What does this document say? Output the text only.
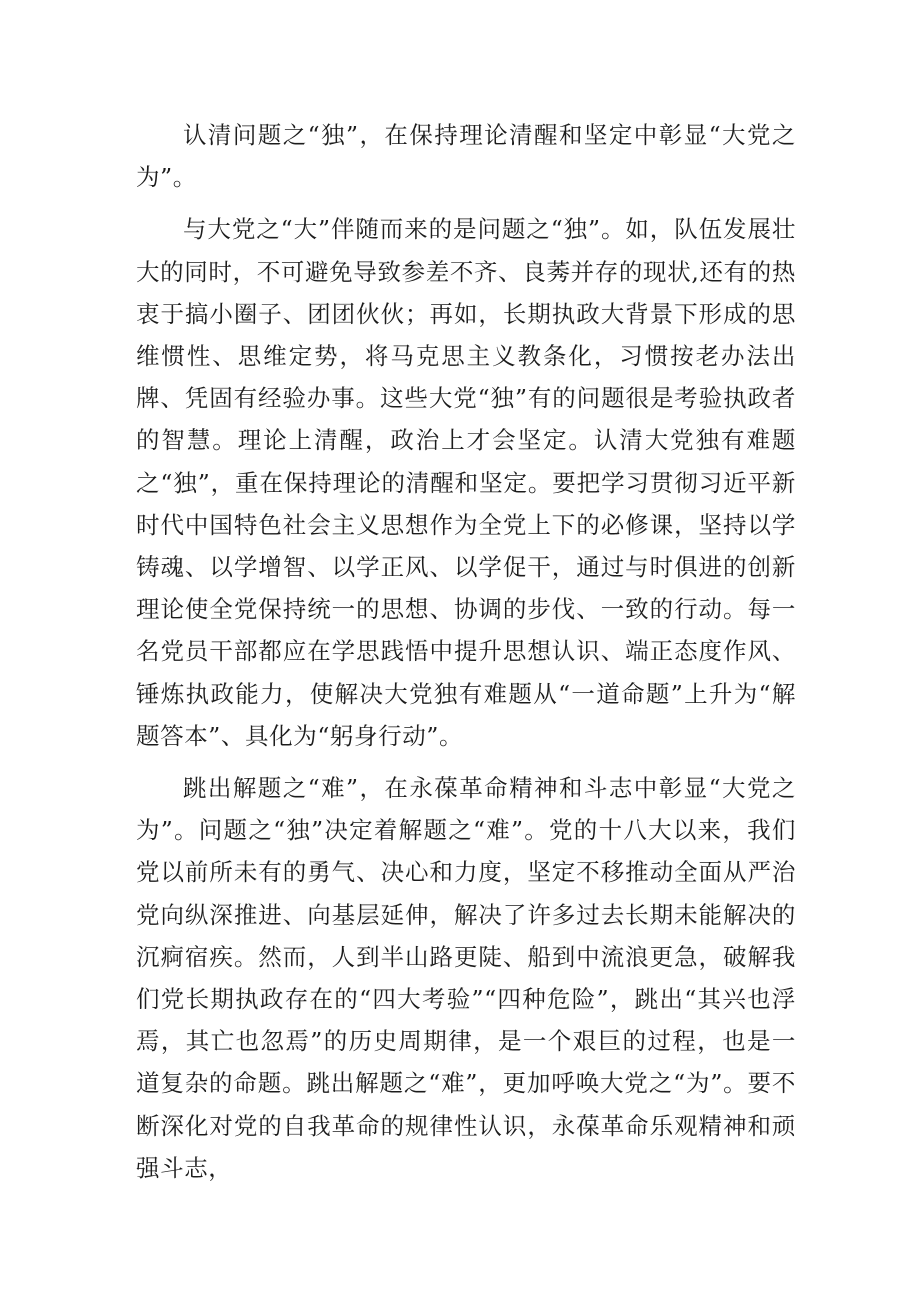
认清问题之“独”，在保持理论清醒和坚定中彰显“大党之为”。

与大党之“大”伴随而来的是问题之“独”。如，队伍发展壮大的同时，不可避免导致参差不齐、良莠并存的现状,还有的热衷于搞小圈子、团团伙伙；再如，长期执政大背景下形成的思维惯性、思维定势，将马克思主义教条化，习惯按老办法出牌、凭固有经验办事。这些大党“独”有的问题很是考验执政者的智慧。理论上清醒，政治上才会坚定。认清大党独有难题之“独”，重在保持理论的清醒和坚定。要把学习贯彻习近平新时代中国特色社会主义思想作为全党上下的必修课，坚持以学铸魂、以学增智、以学正风、以学促干，通过与时俱进的创新理论使全党保持统一的思想、协调的步伐、一致的行动。每一名党员干部都应在学思践悟中提升思想认识、端正态度作风、锤炼执政能力，使解决大党独有难题从“一道命题”上升为“解题答本”、具化为“躬身行动”。

跳出解题之“难”，在永葆革命精神和斗志中彰显“大党之为”。问题之“独”决定着解题之“难”。党的十八大以来，我们党以前所未有的勇气、决心和力度，坚定不移推动全面从严治党向纵深推进、向基层延伸，解决了许多过去长期未能解决的沉痾宿疾。然而，人到半山路更陡、船到中流浪更急，破解我们党长期执政存在的“四大考验”“四种危险”，跳出“其兴也浮焉，其亡也忽焉”的历史周期律，是一个艰巨的过程，也是一道复杂的命题。跳出解题之“难”，更加呼唤大党之“为”。要不断深化对党的自我革命的规律性认识，永葆革命乐观精神和顽强斗志，
